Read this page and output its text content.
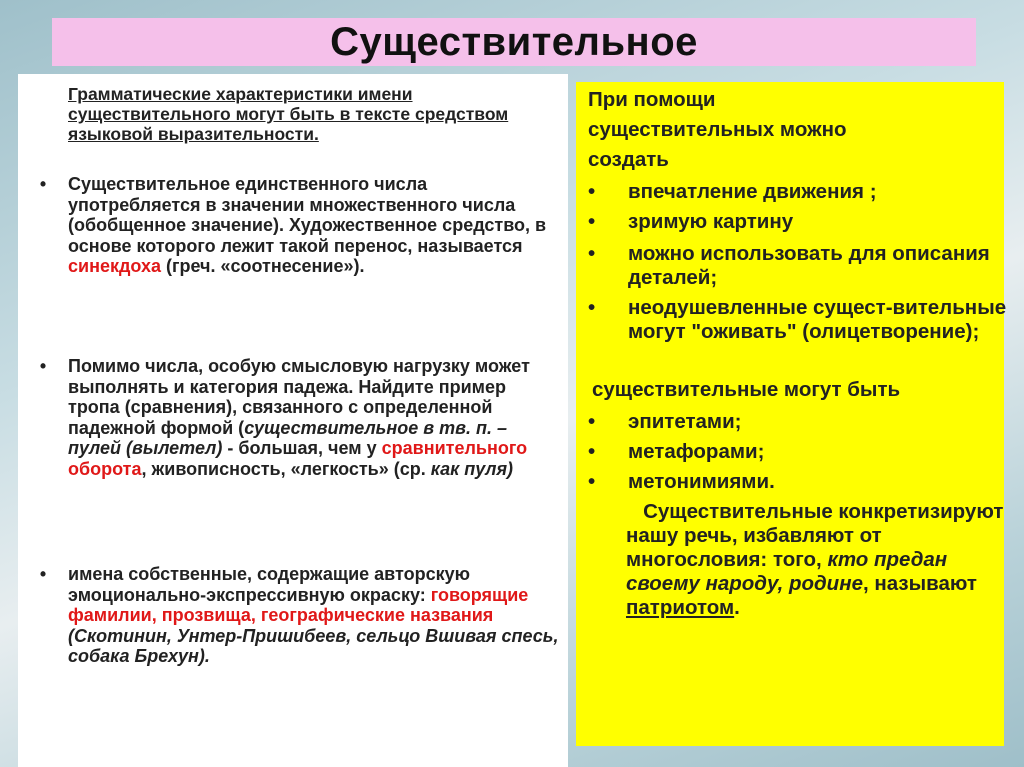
Существительное
Грамматические характеристики имени существительного могут быть в тексте средством языковой выразительности.
•	Существительное единственного числа употребляется в значении множественного числа (обобщенное значение). Художественное средство, в основе которого лежит такой перенос, называется синекдоха (греч. «соотнесение»).
•	Помимо числа, особую смысловую нагрузку может выполнять и категория падежа. Найдите пример тропа (сравнения), связанного с определенной падежной формой (существительное в тв. п. – пулей (вылетел) - большая, чем у сравнительного оборота, живописность, «легкость» (ср. как пуля)
•	имена собственные, содержащие авторскую эмоционально-экспрессивную окраску: говорящие фамилии, прозвища, географические названия (Скотинин, Унтер-Пришибеев, сельцо Вшивая спесь, собака Брехун).
При помощи
существительных можно
создать
• впечатление движения ;
• зримую картину
• можно использовать для описания деталей;
• неодушевленные сущест-вительные могут "оживать" (олицетворение);
существительные могут быть
• эпитетами;
• метафорами;
• метонимиями.
Существительные конкретизируют нашу речь, избавляют от многословия: того, кто предан своему народу, родине, называют патриотом.
